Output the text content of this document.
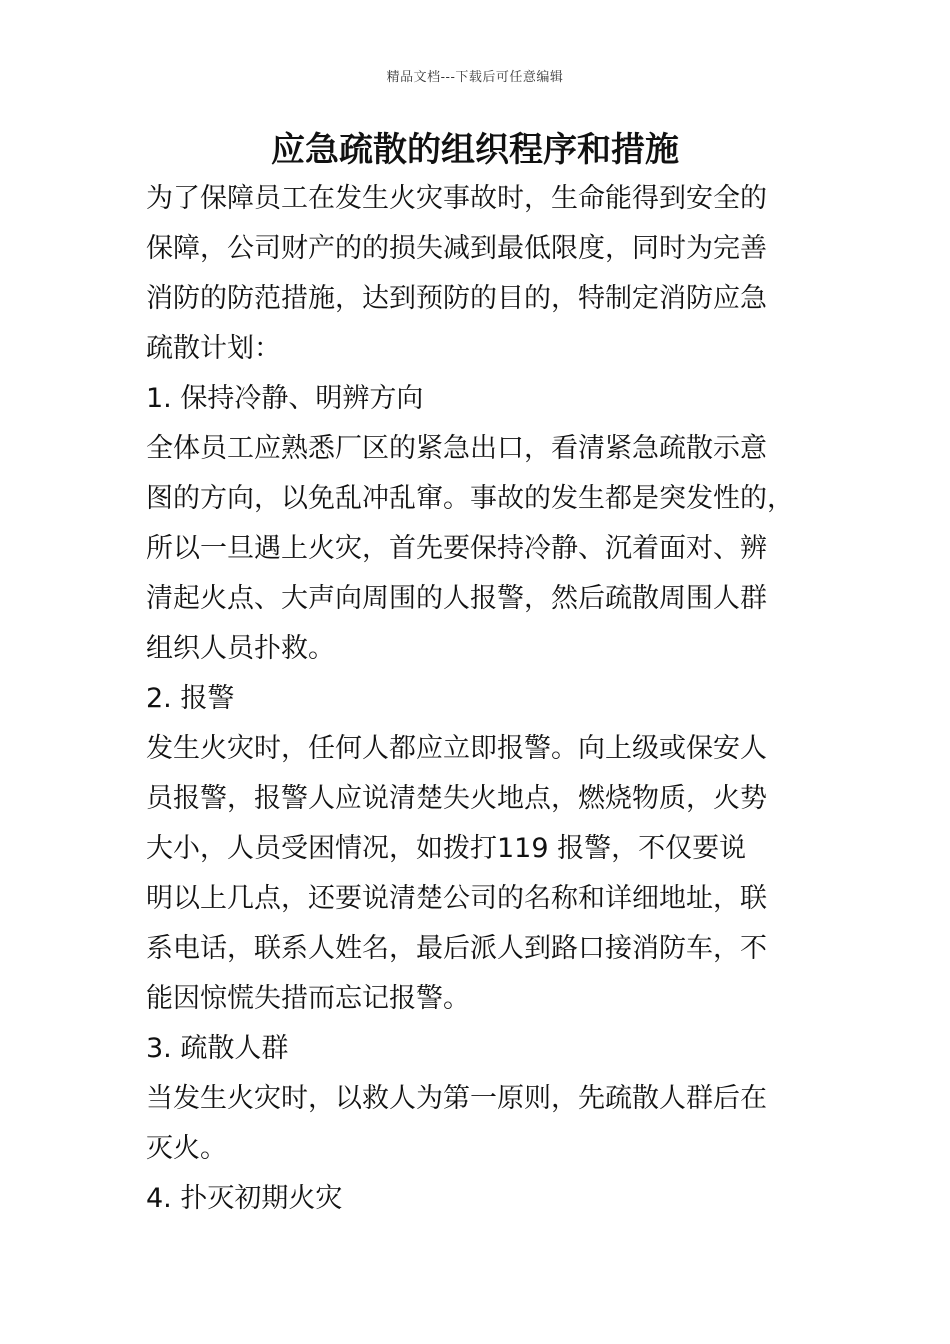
精品文档---下载后可任意编辑
应急疏散的组织程序和措施
为了保障员工在发生火灾事故时，生命能得到安全的
保障，公司财产的的损失减到最低限度，同时为完善
消防的防范措施，达到预防的目的，特制定消防应急
疏散计划：
1. 保持冷静、明辨方向
全体员工应熟悉厂区的紧急出口，看清紧急疏散示意
图的方向，以免乱冲乱窜。事故的发生都是突发性的，
所以一旦遇上火灾，首先要保持冷静、沉着面对、辨
清起火点、大声向周围的人报警，然后疏散周围人群
组织人员扑救。
2. 报警
发生火灾时，任何人都应立即报警。向上级或保安人
员报警，报警人应说清楚失火地点，燃烧物质，火势
大小，人员受困情况，如拨打119 报警，不仅要说
明以上几点，还要说清楚公司的名称和详细地址，联
系电话，联系人姓名，最后派人到路口接消防车，不
能因惊慌失措而忘记报警。
3. 疏散人群
当发生火灾时，以救人为第一原则，先疏散人群后在
灭火。
4. 扑灭初期火灾
